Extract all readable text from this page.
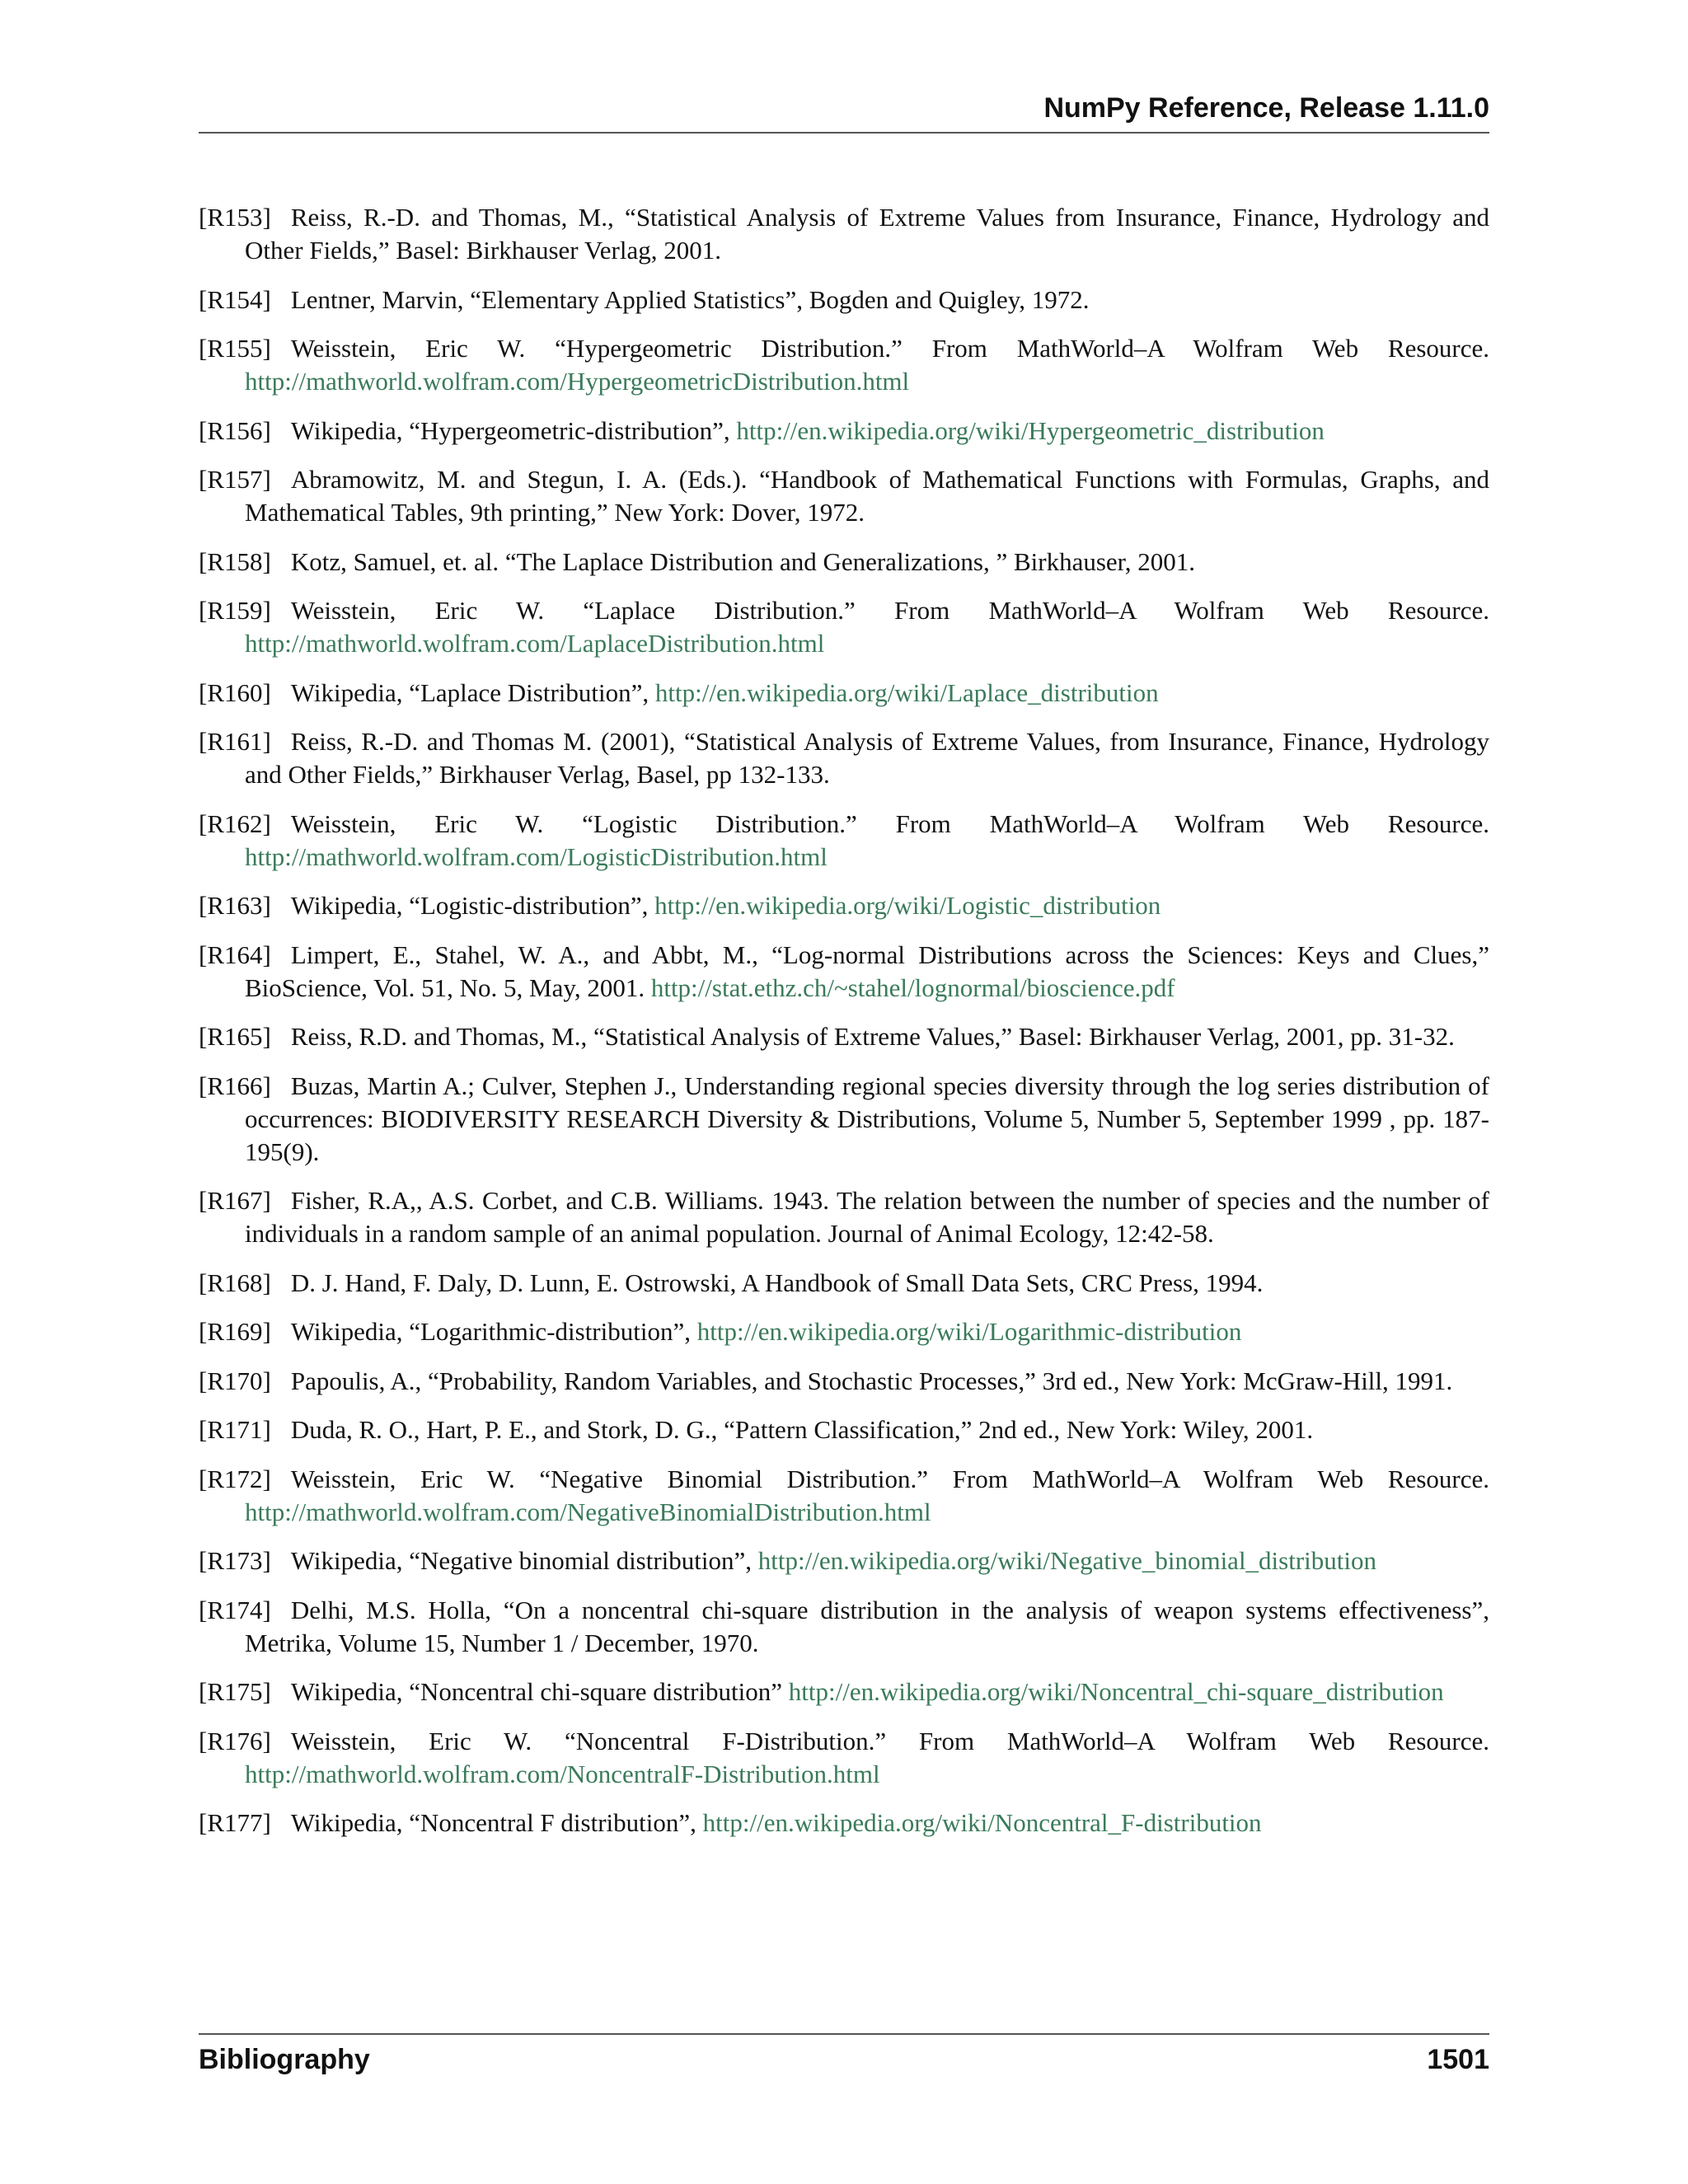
NumPy Reference, Release 1.11.0
[R153] Reiss, R.-D. and Thomas, M., “Statistical Analysis of Extreme Values from Insurance, Finance, Hydrology and Other Fields,” Basel: Birkhauser Verlag, 2001.
[R154] Lentner, Marvin, “Elementary Applied Statistics”, Bogden and Quigley, 1972.
[R155] Weisstein, Eric W. “Hypergeometric Distribution.” From MathWorld–A Wolfram Web Resource. http://mathworld.wolfram.com/HypergeometricDistribution.html
[R156] Wikipedia, “Hypergeometric-distribution”, http://en.wikipedia.org/wiki/Hypergeometric_distribution
[R157] Abramowitz, M. and Stegun, I. A. (Eds.). “Handbook of Mathematical Functions with Formulas, Graphs, and Mathematical Tables, 9th printing,” New York: Dover, 1972.
[R158] Kotz, Samuel, et. al. “The Laplace Distribution and Generalizations, ” Birkhauser, 2001.
[R159] Weisstein, Eric W. “Laplace Distribution.” From MathWorld–A Wolfram Web Resource. http://mathworld.wolfram.com/LaplaceDistribution.html
[R160] Wikipedia, “Laplace Distribution”, http://en.wikipedia.org/wiki/Laplace_distribution
[R161] Reiss, R.-D. and Thomas M. (2001), “Statistical Analysis of Extreme Values, from Insurance, Finance, Hydrology and Other Fields,” Birkhauser Verlag, Basel, pp 132-133.
[R162] Weisstein, Eric W. “Logistic Distribution.” From MathWorld–A Wolfram Web Resource. http://mathworld.wolfram.com/LogisticDistribution.html
[R163] Wikipedia, “Logistic-distribution”, http://en.wikipedia.org/wiki/Logistic_distribution
[R164] Limpert, E., Stahel, W. A., and Abbt, M., “Log-normal Distributions across the Sciences: Keys and Clues,” BioScience, Vol. 51, No. 5, May, 2001. http://stat.ethz.ch/~stahel/lognormal/bioscience.pdf
[R165] Reiss, R.D. and Thomas, M., “Statistical Analysis of Extreme Values,” Basel: Birkhauser Verlag, 2001, pp. 31-32.
[R166] Buzas, Martin A.; Culver, Stephen J., Understanding regional species diversity through the log series distribution of occurrences: BIODIVERSITY RESEARCH Diversity & Distributions, Volume 5, Number 5, September 1999 , pp. 187-195(9).
[R167] Fisher, R.A,, A.S. Corbet, and C.B. Williams. 1943. The relation between the number of species and the number of individuals in a random sample of an animal population. Journal of Animal Ecology, 12:42-58.
[R168] D. J. Hand, F. Daly, D. Lunn, E. Ostrowski, A Handbook of Small Data Sets, CRC Press, 1994.
[R169] Wikipedia, “Logarithmic-distribution”, http://en.wikipedia.org/wiki/Logarithmic-distribution
[R170] Papoulis, A., “Probability, Random Variables, and Stochastic Processes,” 3rd ed., New York: McGraw-Hill, 1991.
[R171] Duda, R. O., Hart, P. E., and Stork, D. G., “Pattern Classification,” 2nd ed., New York: Wiley, 2001.
[R172] Weisstein, Eric W. “Negative Binomial Distribution.” From MathWorld–A Wolfram Web Resource. http://mathworld.wolfram.com/NegativeBinomialDistribution.html
[R173] Wikipedia, “Negative binomial distribution”, http://en.wikipedia.org/wiki/Negative_binomial_distribution
[R174] Delhi, M.S. Holla, “On a noncentral chi-square distribution in the analysis of weapon systems effectiveness”, Metrika, Volume 15, Number 1 / December, 1970.
[R175] Wikipedia, “Noncentral chi-square distribution” http://en.wikipedia.org/wiki/Noncentral_chi-square_distribution
[R176] Weisstein, Eric W. “Noncentral F-Distribution.” From MathWorld–A Wolfram Web Resource. http://mathworld.wolfram.com/NoncentralF-Distribution.html
[R177] Wikipedia, “Noncentral F distribution”, http://en.wikipedia.org/wiki/Noncentral_F-distribution
Bibliography	1501
